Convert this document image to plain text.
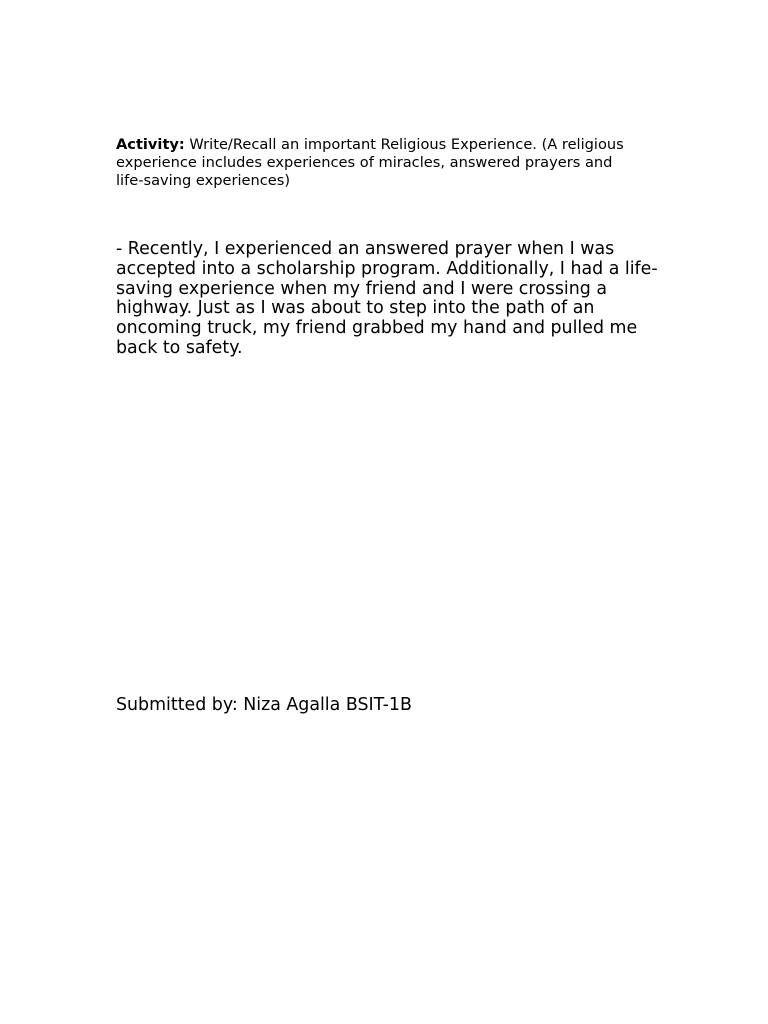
Activity: Write/Recall an important Religious Experience. (A religious experience includes experiences of miracles, answered prayers and life-saving experiences)

- Recently, I experienced an answered prayer when I was accepted into a scholarship program. Additionally, I had a life-saving experience when my friend and I were crossing a highway. Just as I was about to step into the path of an oncoming truck, my friend grabbed my hand and pulled me back to safety.

Submitted by: Niza Agalla BSIT-1B
